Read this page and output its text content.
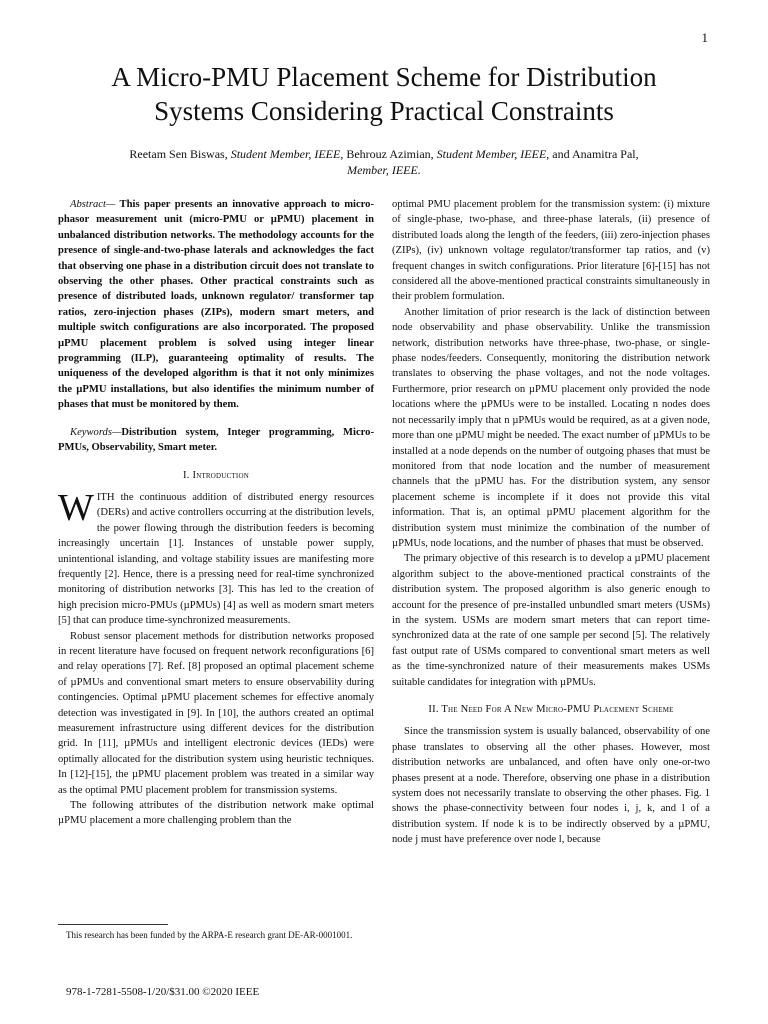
1
A Micro-PMU Placement Scheme for Distribution
Systems Considering Practical Constraints
Reetam Sen Biswas, Student Member, IEEE, Behrouz Azimian, Student Member, IEEE, and Anamitra Pal,
Member, IEEE.

Abstract— This paper presents an innovative approach to micro-phasor measurement unit (micro-PMU or µPMU) placement in unbalanced distribution networks. The methodology accounts for the presence of single-and-two-phase laterals and acknowledges the fact that observing one phase in a distribution circuit does not translate to observing the other phases. Other practical constraints such as presence of distributed loads, unknown regulator/ transformer tap ratios, zero-injection phases (ZIPs), modern smart meters, and multiple switch configurations are also incorporated. The proposed µPMU placement problem is solved using integer linear programming (ILP), guaranteeing optimality of results. The uniqueness of the developed algorithm is that it not only minimizes the µPMU installations, but also identifies the minimum number of phases that must be monitored by them.

Keywords—Distribution system, Integer programming, Micro-PMUs, Observability, Smart meter.

I. Introduction

WITH the continuous addition of distributed energy resources (DERs) and active controllers occurring at the distribution levels, the power flowing through the distribution feeders is becoming increasingly uncertain [1]. Instances of unstable power supply, unintentional islanding, and voltage stability issues are manifesting more frequently [2]. Hence, there is a pressing need for real-time synchronized monitoring of distribution networks [3]. This has led to the creation of high precision micro-PMUs (µPMUs) [4] as well as modern smart meters [5] that can produce time-synchronized measurements.

Robust sensor placement methods for distribution networks proposed in recent literature have focused on frequent network reconfigurations [6] and relay operations [7]. Ref. [8] proposed an optimal placement scheme of µPMUs and conventional smart meters to ensure observability during contingencies. Optimal µPMU placement schemes for effective anomaly detection was investigated in [9]. In [10], the authors created an optimal measurement infrastructure using different devices for the distribution grid. In [11], µPMUs and intelligent electronic devices (IEDs) were optimally allocated for the distribution system using heuristic techniques. In [12]-[15], the µPMU placement problem was treated in a similar way as the optimal PMU placement problem for transmission systems.

The following attributes of the distribution network make optimal µPMU placement a more challenging problem than the

optimal PMU placement problem for the transmission system: (i) mixture of single-phase, two-phase, and three-phase laterals, (ii) presence of distributed loads along the length of the feeders, (iii) zero-injection phases (ZIPs), (iv) unknown voltage regulator/transformer tap ratios, and (v) frequent changes in switch configurations. Prior literature [6]-[15] has not considered all the above-mentioned practical constraints simultaneously in their problem formulation.

Another limitation of prior research is the lack of distinction between node observability and phase observability. Unlike the transmission network, distribution networks have three-phase, two-phase, or single-phase nodes/feeders. Consequently, monitoring the distribution network translates to observing the phase voltages, and not the node voltages. Furthermore, prior research on µPMU placement only provided the node locations where the µPMUs were to be installed. Locating n nodes does not necessarily imply that n µPMUs would be required, as at a given node, more than one µPMU might be needed. The exact number of µPMUs to be installed at a node depends on the number of outgoing phases that must be monitored from that node location and the number of measurement channels that the µPMU has. For the distribution system, any sensor placement scheme is incomplete if it does not provide this vital information. That is, an optimal µPMU placement algorithm for the distribution system must minimize the combination of the number of µPMUs, node locations, and the number of phases that must be observed.

The primary objective of this research is to develop a µPMU placement algorithm subject to the above-mentioned practical constraints of the distribution system. The proposed algorithm is also generic enough to account for the presence of pre-installed unbundled smart meters (USMs) in the system. USMs are modern smart meters that can report time-synchronized data at the rate of one sample per second [5]. The relatively fast output rate of USMs compared to conventional smart meters as well as the time-synchronized nature of their measurements makes USMs suitable candidates for integration with µPMUs.

II. The Need For A New Micro-PMU Placement Scheme

Since the transmission system is usually balanced, observability of one phase translates to observing all the other phases. However, most distribution networks are unbalanced, and often have only one-or-two phases present at a node. Therefore, observing one phase in a distribution system does not necessarily translate to observing the other phases. Fig. 1 shows the phase-connectivity between four nodes i, j, k, and l of a distribution system. If node k is to be indirectly observed by a µPMU, node j must have preference over node l, because

This research has been funded by the ARPA-E research grant DE-AR-0001001.
978-1-7281-5508-1/20/$31.00 ©2020 IEEE
